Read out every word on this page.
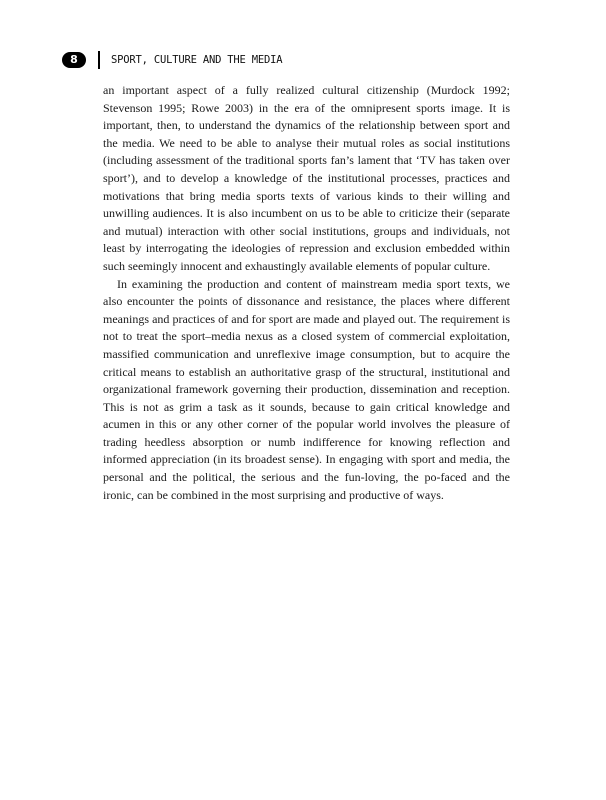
8	SPORT, CULTURE AND THE MEDIA

an important aspect of a fully realized cultural citizenship (Murdock 1992; Stevenson 1995; Rowe 2003) in the era of the omnipresent sports image. It is important, then, to understand the dynamics of the relationship between sport and the media. We need to be able to analyse their mutual roles as social institutions (including assessment of the traditional sports fan’s lament that ‘TV has taken over sport’), and to develop a knowledge of the institutional processes, practices and motivations that bring media sports texts of various kinds to their willing and unwilling audiences. It is also incumbent on us to be able to criticize their (separate and mutual) interaction with other social institutions, groups and individuals, not least by interrogating the ideologies of repression and exclusion embedded within such seemingly innocent and exhaustingly available elements of popular culture.

In examining the production and content of mainstream media sport texts, we also encounter the points of dissonance and resistance, the places where different meanings and practices of and for sport are made and played out. The requirement is not to treat the sport–media nexus as a closed system of commercial exploitation, massified communication and unreflexive image consumption, but to acquire the critical means to establish an authoritative grasp of the structural, institutional and organizational framework governing their production, dissemination and reception. This is not as grim a task as it sounds, because to gain critical knowledge and acumen in this or any other corner of the popular world involves the pleasure of trading heedless absorption or numb indifference for knowing reflection and informed appreciation (in its broadest sense). In engaging with sport and media, the personal and the political, the serious and the fun-loving, the po-faced and the ironic, can be combined in the most surprising and productive of ways.
